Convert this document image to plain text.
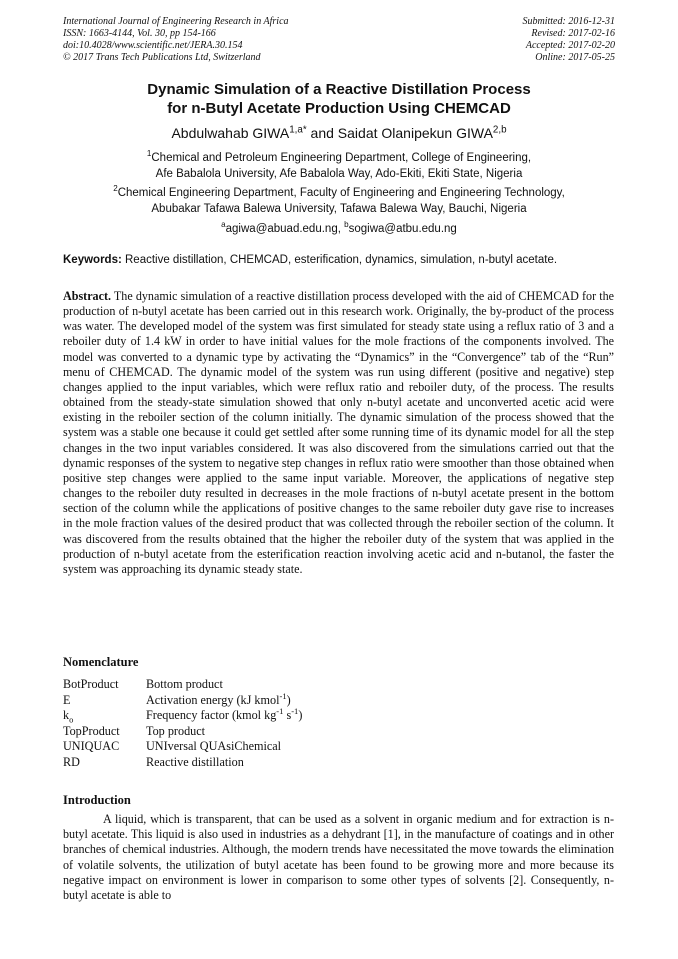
International Journal of Engineering Research in Africa
ISSN: 1663-4144, Vol. 30, pp 154-166
doi:10.4028/www.scientific.net/JERA.30.154
© 2017 Trans Tech Publications Ltd, Switzerland
Submitted: 2016-12-31
Revised: 2017-02-16
Accepted: 2017-02-20
Online: 2017-05-25
Dynamic Simulation of a Reactive Distillation Process
for n-Butyl Acetate Production Using CHEMCAD
Abdulwahab $GIWA^{1,a*}$ and Saidat Olanipekun GIWA$^{2,b}$
$^1$Chemical and Petroleum Engineering Department, College of Engineering,
Afe Babalola University, Afe Babalola Way, Ado-Ekiti, Ekiti State, Nigeria
$^2$Chemical Engineering Department, Faculty of Engineering and Engineering Technology,
Abubakar Tafawa Balewa University, Tafawa Balewa Way, Bauchi, Nigeria
$^a$agiwa@abuad.edu.ng, $^b$sogiwa@atbu.edu.ng
Keywords: Reactive distillation, CHEMCAD, esterification, dynamics, simulation, n-butyl acetate.
Abstract. The dynamic simulation of a reactive distillation process developed with the aid of CHEMCAD for the production of n-butyl acetate has been carried out in this research work. Originally, the by-product of the process was water. The developed model of the system was first simulated for steady state using a reflux ratio of 3 and a reboiler duty of 1.4 kW in order to have initial values for the mole fractions of the components involved. The model was converted to a dynamic type by activating the “Dynamics” in the “Convergence” tab of the “Run” menu of CHEMCAD. The dynamic model of the system was run using different (positive and negative) step changes applied to the input variables, which were reflux ratio and reboiler duty, of the process. The results obtained from the steady-state simulation showed that only n-butyl acetate and unconverted acetic acid were existing in the reboiler section of the column initially. The dynamic simulation of the process showed that the system was a stable one because it could get settled after some running time of its dynamic model for all the step changes in the two input variables considered. It was also discovered from the simulations carried out that the dynamic responses of the system to negative step changes in reflux ratio were smoother than those obtained when positive step changes were applied to the same input variable. Moreover, the applications of negative step changes to the reboiler duty resulted in decreases in the mole fractions of n-butyl acetate present in the bottom section of the column while the applications of positive changes to the same reboiler duty gave rise to increases in the mole fraction values of the desired product that was collected through the reboiler section of the column. It was discovered from the results obtained that the higher the reboiler duty of the system that was applied in the production of n-butyl acetate from the esterification reaction involving acetic acid and n-butanol, the faster the system was approaching its dynamic steady state.
Nomenclature
BotProduct	Bottom product
E	Activation energy (kJ kmol$^{-1}$)
$k_o$	Frequency factor (kmol $kg^{-1}$ $s^{-1}$)
TopProduct	Top product
UNIQUAC	UNIversal QUAsiChemical
RD	Reactive distillation
Introduction
A liquid, which is transparent, that can be used as a solvent in organic medium and for extraction is n-butyl acetate. This liquid is also used in industries as a dehydrant [1], in the manufacture of coatings and in other branches of chemical industries. Although, the modern trends have necessitated the move towards the elimination of volatile solvents, the utilization of butyl acetate has been found to be growing more and more because its negative impact on environment is lower in comparison to some other types of solvents [2]. Consequently, n-butyl acetate is able to
